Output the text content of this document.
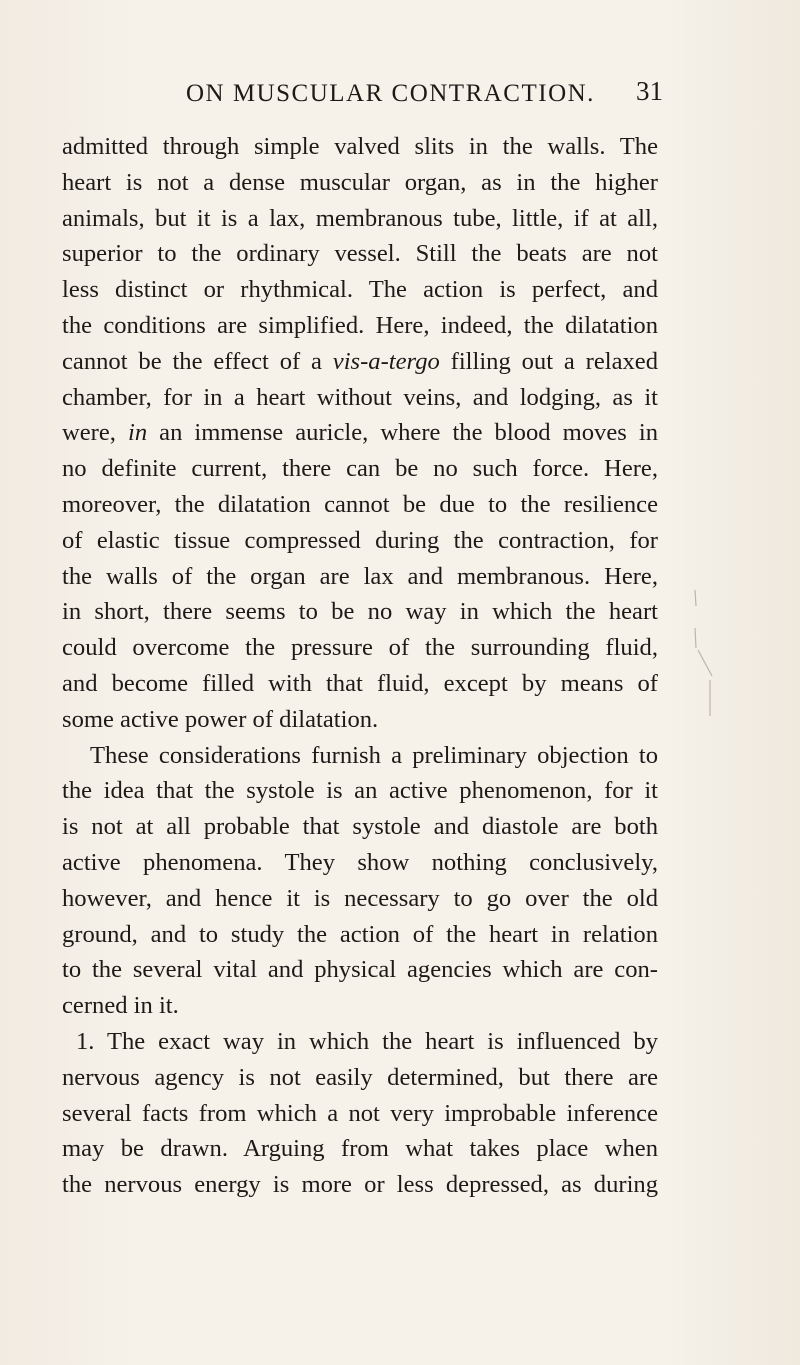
ON MUSCULAR CONTRACTION. 31
admitted through simple valved slits in the walls. The
heart is not a dense muscular organ, as in the higher
animals, but it is a lax, membranous tube, little, if at all,
superior to the ordinary vessel. Still the beats are not
less distinct or rhythmical. The action is perfect, and
the conditions are simplified. Here, indeed, the dilatation
cannot be the effect of a vis-a-tergo filling out a relaxed
chamber, for in a heart without veins, and lodging, as it
were, in an immense auricle, where the blood moves in
no definite current, there can be no such force. Here,
moreover, the dilatation cannot be due to the resilience
of elastic tissue compressed during the contraction, for
the walls of the organ are lax and membranous. Here,
in short, there seems to be no way in which the heart
could overcome the pressure of the surrounding fluid,
and become filled with that fluid, except by means of
some active power of dilatation.
These considerations furnish a preliminary objection to
the idea that the systole is an active phenomenon, for it
is not at all probable that systole and diastole are both
active phenomena. They show nothing conclusively,
however, and hence it is necessary to go over the old
ground, and to study the action of the heart in relation
to the several vital and physical agencies which are con-
cerned in it.
1. The exact way in which the heart is influenced by
nervous agency is not easily determined, but there are
several facts from which a not very improbable inference
may be drawn. Arguing from what takes place when
the nervous energy is more or less depressed, as during
